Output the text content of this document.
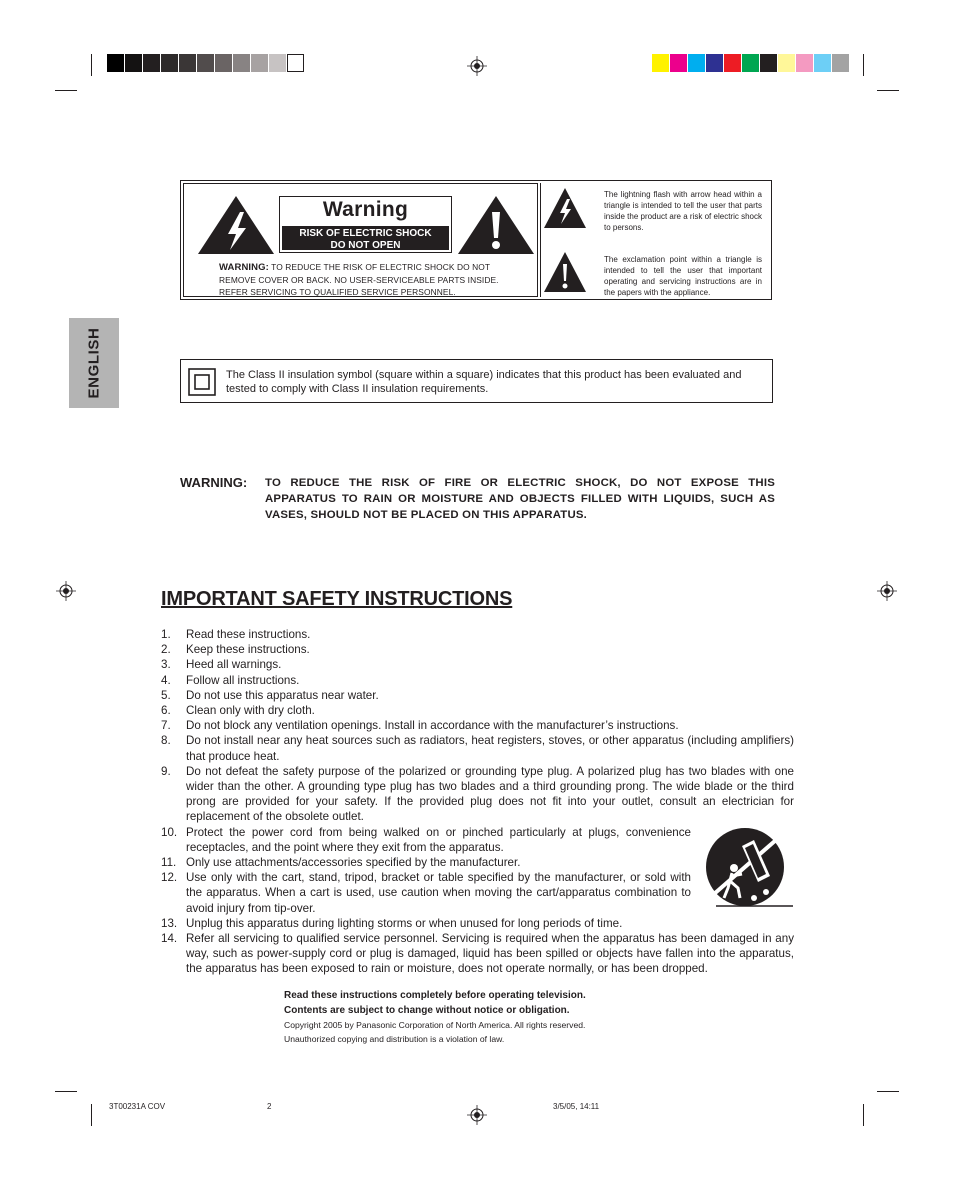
Warning
RISK OF ELECTRIC SHOCK
DO NOT OPEN
WARNING: TO REDUCE THE RISK OF ELECTRIC SHOCK DO NOT REMOVE COVER OR BACK. NO USER-SERVICEABLE PARTS INSIDE. REFER SERVICING TO QUALIFIED SERVICE PERSONNEL.
The lightning flash with arrow head within a triangle is intended to tell the user that parts inside the product are a risk of electric shock to persons.
The exclamation point within a triangle is intended to tell the user that important operating and servicing instructions are in the papers with the appliance.
ENGLISH	The Class II insulation symbol (square within a square) indicates that this product has been evaluated and tested to comply with Class II insulation requirements.
WARNING: TO REDUCE THE RISK OF FIRE OR ELECTRIC SHOCK, DO NOT EXPOSE THIS APPARATUS TO RAIN OR MOISTURE AND OBJECTS FILLED WITH LIQUIDS, SUCH AS VASES, SHOULD NOT BE PLACED ON THIS APPARATUS.
IMPORTANT SAFETY INSTRUCTIONS
1. Read these instructions.
2. Keep these instructions.
3. Heed all warnings.
4. Follow all instructions.
5. Do not use this apparatus near water.
6. Clean only with dry cloth.
7. Do not block any ventilation openings. Install in accordance with the manufacturer’s instructions.
8. Do not install near any heat sources such as radiators, heat registers, stoves, or other apparatus (including amplifiers) that produce heat.
9. Do not defeat the safety purpose of the polarized or grounding type plug. A polarized plug has two blades with one wider than the other. A grounding type plug has two blades and a third grounding prong. The wide blade or the third prong are provided for your safety. If the provided plug does not fit into your outlet, consult an electrician for replacement of the obsolete outlet.
10. Protect the power cord from being walked on or pinched particularly at plugs, convenience receptacles, and the point where they exit from the apparatus.
11. Only use attachments/accessories specified by the manufacturer.
12. Use only with the cart, stand, tripod, bracket or table specified by the manufacturer, or sold with the apparatus. When a cart is used, use caution when moving the cart/apparatus combination to avoid injury from tip-over.
13. Unplug this apparatus during lighting storms or when unused for long periods of time.
14. Refer all servicing to qualified service personnel. Servicing is required when the apparatus has been damaged in any way, such as power-supply cord or plug is damaged, liquid has been spilled or objects have fallen into the apparatus, the apparatus has been exposed to rain or moisture, does not operate normally, or has been dropped.
Read these instructions completely before operating television.
Contents are subject to change without notice or obligation.
Copyright 2005 by Panasonic Corporation of North America. All rights reserved.
Unauthorized copying and distribution is a violation of law.
3T00231A COV	2	3/5/05, 14:11
